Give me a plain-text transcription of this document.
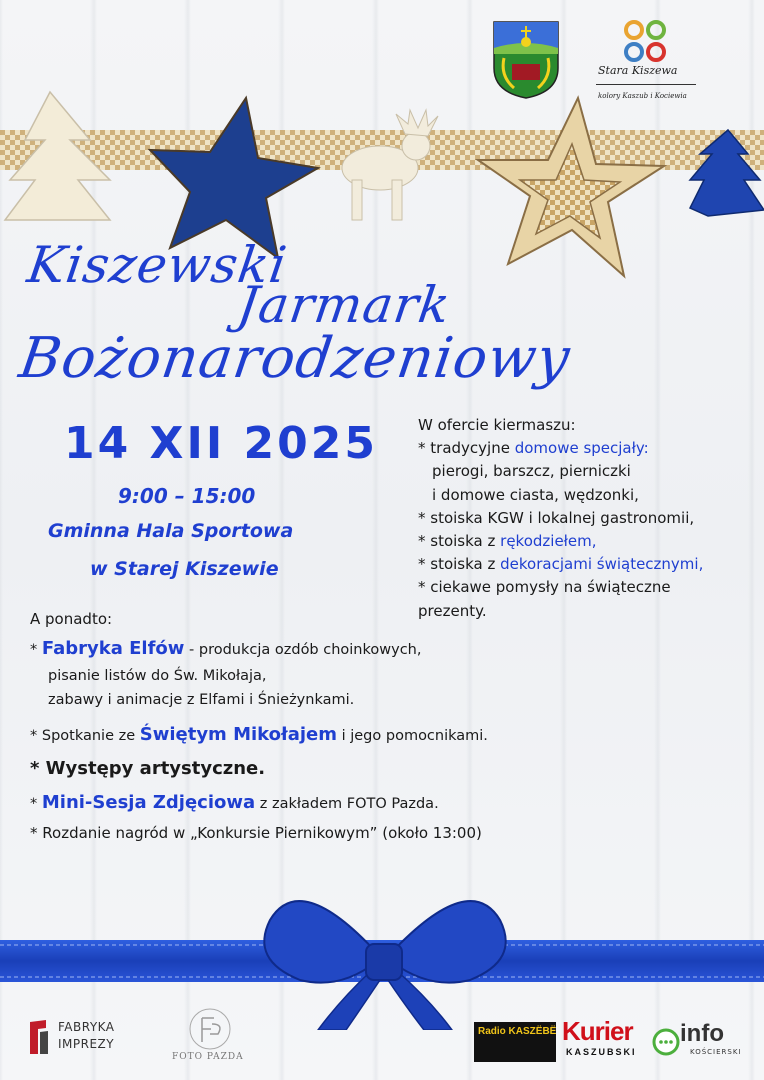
Stara Kiszewa
kolory Kaszub i Kociewia
Kiszewski
Jarmark
Bożonarodzeniowy
14 XII 2025
9:00 – 15:00
Gminna Hala Sportowa
w Starej Kiszewie
W ofercie kiermaszu:
* tradycyjne domowe specjały:
pierogi, barszcz, pierniczki
i domowe ciasta, wędzonki,
* stoiska KGW i lokalnej gastronomii,
* stoiska z rękodziełem,
* stoiska z dekoracjami świątecznymi,
* ciekawe pomysły na świąteczne
prezenty.
A ponadto:
* Fabryka Elfów - produkcja ozdób choinkowych,
pisanie listów do Św. Mikołaja,
zabawy i animacje z Elfami i Śnieżynkami.
* Spotkanie ze Świętym Mikołajem i jego pomocnikami.
* Występy artystyczne.
* Mini-Sesja Zdjęciowa z zakładem FOTO Pazda.
* Rozdanie nagród w „Konkursie Piernikowym” (około 13:00)
FABRYKA
IMPREZY
FOTO PAZDA
Radio KASZËBË Kurier
KASZUBSKI
info
KOŚCIERSKI
